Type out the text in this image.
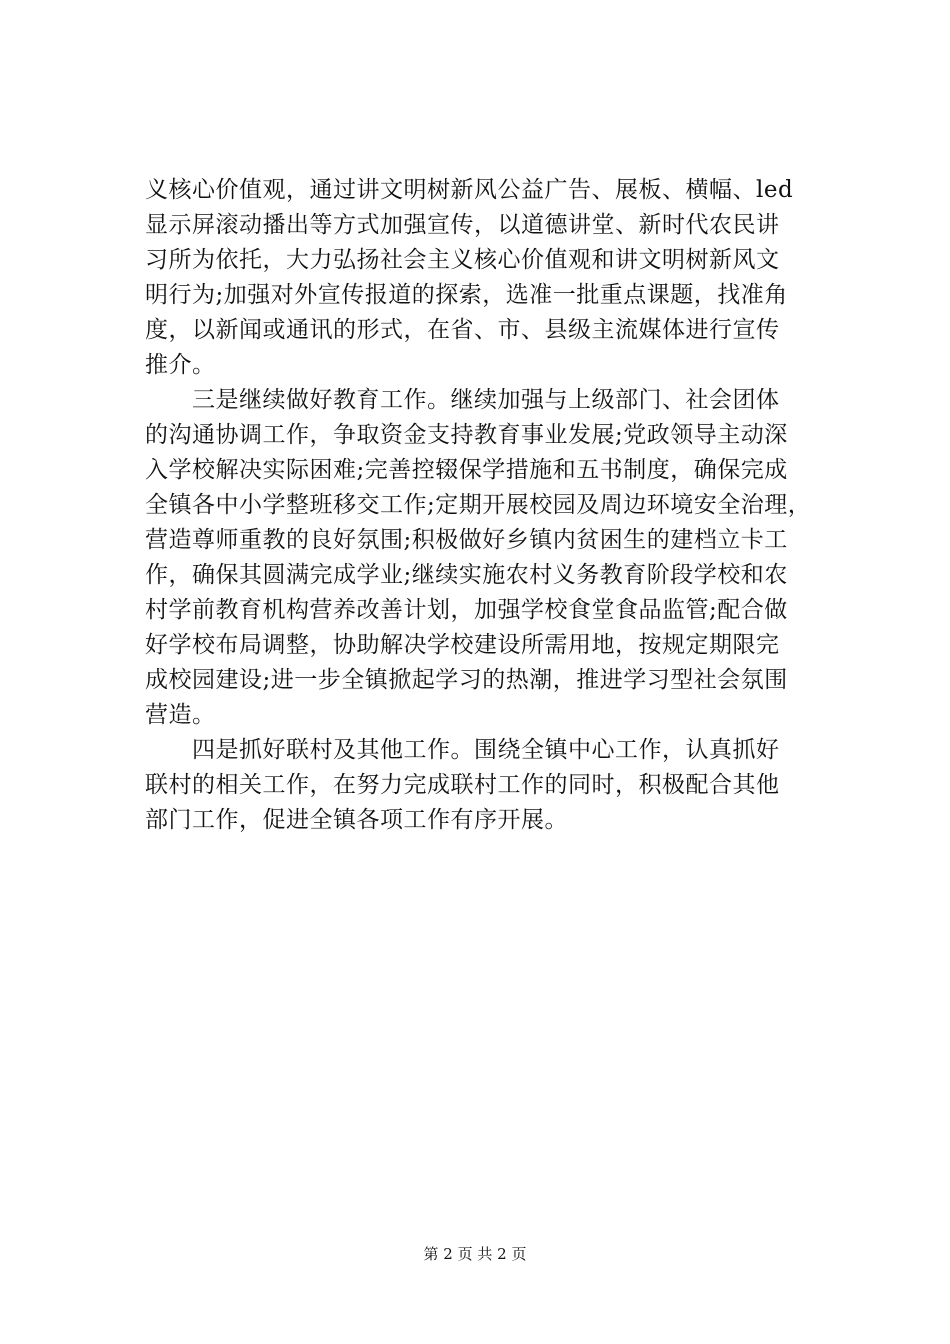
义核心价值观，通过讲文明树新风公益广告、展板、横幅、led
显示屏滚动播出等方式加强宣传，以道德讲堂、新时代农民讲
习所为依托，大力弘扬社会主义核心价值观和讲文明树新风文
明行为;加强对外宣传报道的探索，选准一批重点课题，找准角
度，以新闻或通讯的形式，在省、市、县级主流媒体进行宣传
推介。
　　三是继续做好教育工作。继续加强与上级部门、社会团体
的沟通协调工作，争取资金支持教育事业发展;党政领导主动深
入学校解决实际困难;完善控辍保学措施和五书制度，确保完成
全镇各中小学整班移交工作;定期开展校园及周边环境安全治理，
营造尊师重教的良好氛围;积极做好乡镇内贫困生的建档立卡工
作，确保其圆满完成学业;继续实施农村义务教育阶段学校和农
村学前教育机构营养改善计划，加强学校食堂食品监管;配合做
好学校布局调整，协助解决学校建设所需用地，按规定期限完
成校园建设;进一步全镇掀起学习的热潮，推进学习型社会氛围
营造。
　　四是抓好联村及其他工作。围绕全镇中心工作，认真抓好
联村的相关工作，在努力完成联村工作的同时，积极配合其他
部门工作，促进全镇各项工作有序开展。
第 2 页 共 2 页
